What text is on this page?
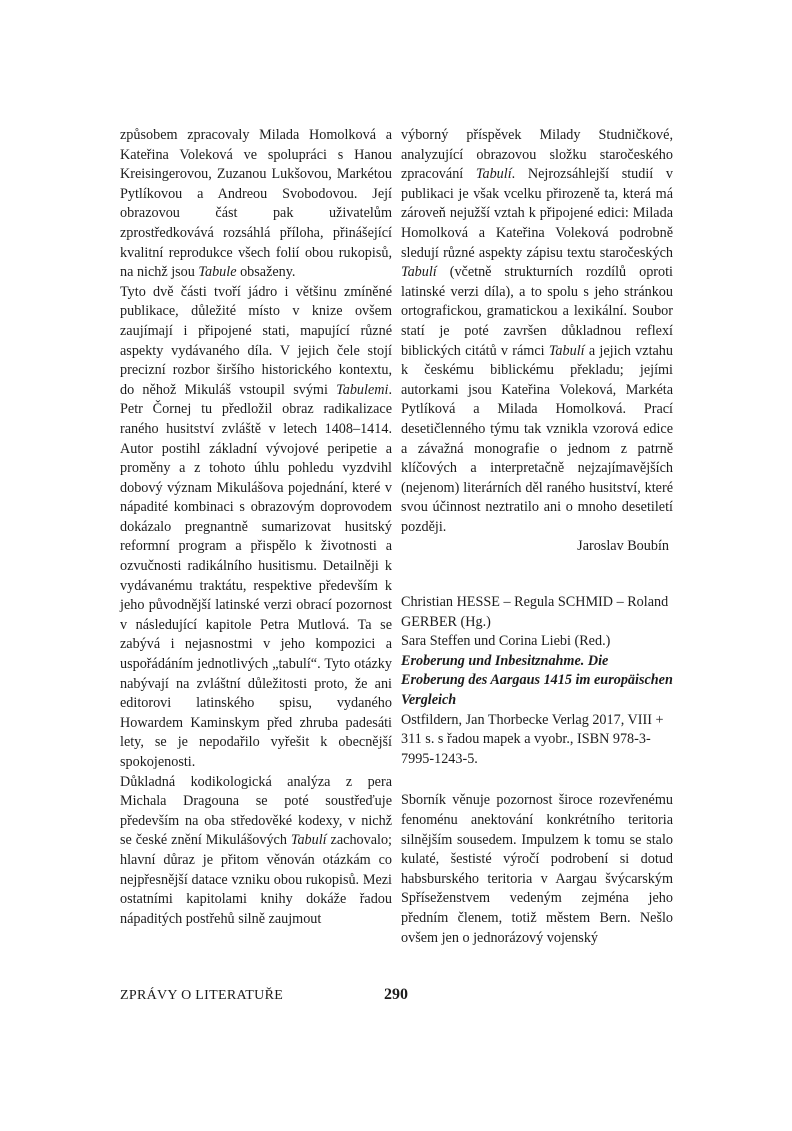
způsobem zpracovaly Milada Homolková a Kateřina Voleková ve spolupráci s Hanou Kreisingerovou, Zuzanou Lukšovou, Markétou Pytlíkovou a Andreou Svobodovou. Její obrazovou část pak uživatelům zprostředkovává rozsáhlá příloha, přinášející kvalitní reprodukce všech folií obou rukopisů, na nichž jsou Tabule obsaženy.

Tyto dvě části tvoří jádro i většinu zmíněné publikace, důležité místo v knize ovšem zaujímají i připojené stati, mapující různé aspekty vydávaného díla. V jejich čele stojí precizní rozbor širšího historického kontextu, do něhož Mikuláš vstoupil svými Tabulemi. Petr Čornej tu předložil obraz radikalizace raného husitství zvláště v letech 1408–1414. Autor postihl základní vývojové peripetie a proměny a z tohoto úhlu pohledu vyzdvihl dobový význam Mikulášova pojednání, které v nápadité kombinaci s obrazovým doprovodem dokázalo pregnantně sumarizovat husitský reformní program a přispělo k životnosti a ozvučnosti radikálního husitismu. Detailněji k vydávanému traktátu, respektive především k jeho původnější latinské verzi obrací pozornost v následující kapitole Petra Mutlová. Ta se zabývá i nejasnostmi v jeho kompozici a uspořádáním jednotlivých „tabulí“. Tyto otázky nabývají na zvláštní důležitosti proto, že ani editorovi latinského spisu, vydaného Howardem Kaminskym před zhruba padesáti lety, se je nepodařilo vyřešit k obecnější spokojenosti.

Důkladná kodikologická analýza z pera Michala Dragouna se poté soustřeďuje především na oba středověké kodexy, v nichž se české znění Mikulášových Tabulí zachovalo; hlavní důraz je přitom věnován otázkám co nejpřesnější datace vzniku obou rukopisů. Mezi ostatními kapitolami knihy dokáže řadou nápaditých postřehů silně zaujmout

výborný příspěvek Milady Studničkové, analyzující obrazovou složku staročeského zpracování Tabulí. Nejrozsáhlejší studií v publikaci je však vcelku přirozeně ta, která má zároveň nejužší vztah k připojené edici: Milada Homolková a Kateřina Voleková podrobně sledují různé aspekty zápisu textu staročeských Tabulí (včetně strukturních rozdílů oproti latinské verzi díla), a to spolu s jeho stránkou ortografickou, gramatickou a lexikální. Soubor statí je poté završen důkladnou reflexí biblických citátů v rámci Tabulí a jejich vztahu k českému biblickému překladu; jejími autorkami jsou Kateřina Voleková, Markéta Pytlíková a Milada Homolková. Prací desetičlenného týmu tak vznikla vzorová edice a závažná monografie o jednom z patrně klíčových a interpretačně nejzajímavějších (nejenom) literárních děl raného husitství, které svou účinnost neztratilo ani o mnoho desetiletí později.

Jaroslav Boubín

Christian HESSE – Regula SCHMID – Roland GERBER (Hg.)

Sara Steffen und Corina Liebi (Red.)

Eroberung und Inbesitznahme. Die Eroberung des Aargaus 1415 im europäischen Vergleich

Ostfildern, Jan Thorbecke Verlag 2017, VIII + 311 s. s řadou mapek a vyobr., ISBN 978-3-7995-1243-5.

Sborník věnuje pozornost široce rozevřenému fenoménu anektování konkrétního teritoria silnějším sousedem. Impulzem k tomu se stalo kulaté, šestisté výročí podrobení si dotud habsburského teritoria v Aargau švýcarským Spříseženstvem vedeným zejména jeho předním členem, totiž městem Bern. Nešlo ovšem jen o jednorázový vojenský

ZPRÁVY O LITERATUŘE	290
